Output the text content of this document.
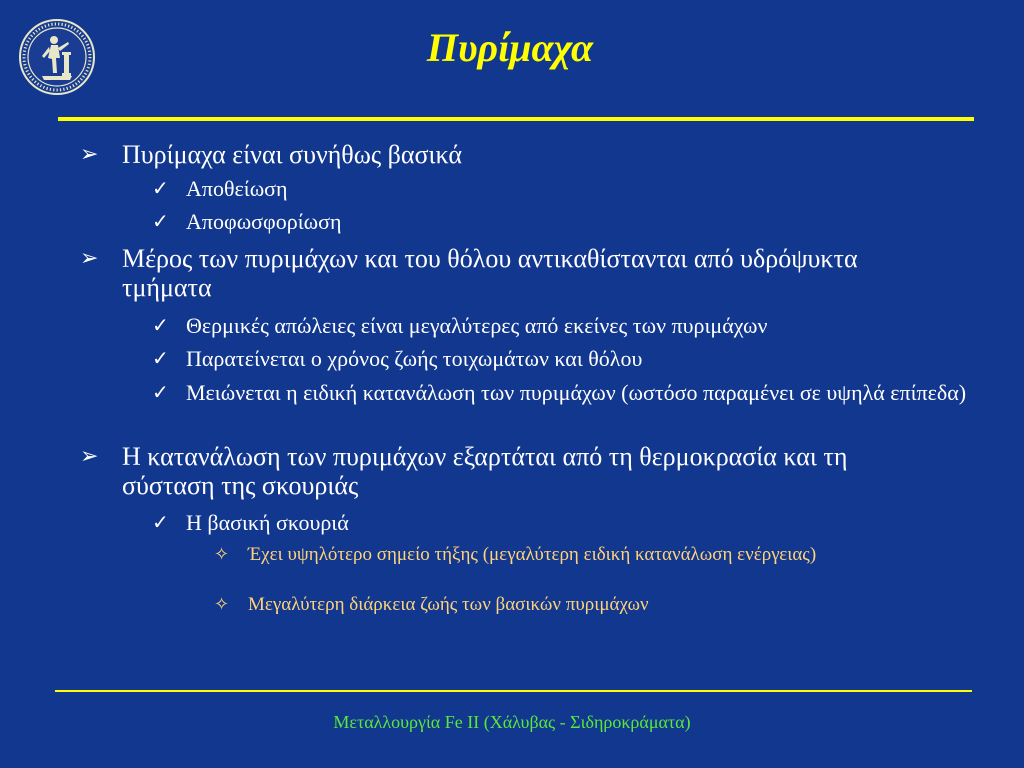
Πυρίμαχα
➢ Πυρίμαχα είναι συνήθως βασικά
✓ Αποθείωση
✓ Αποφωσφορίωση
➢ Μέρος των πυριμάχων και του θόλου αντικαθίστανται από υδρόψυκτα τμήματα
✓ Θερμικές απώλειες είναι μεγαλύτερες από εκείνες των πυριμάχων
✓ Παρατείνεται ο χρόνος ζωής τοιχωμάτων και θόλου
✓ Μειώνεται η ειδική κατανάλωση των πυριμάχων (ωστόσο παραμένει σε υψηλά επίπεδα)
➢ Η κατανάλωση των πυριμάχων εξαρτάται από τη θερμοκρασία και τη σύσταση της σκουριάς
✓ Η βασική σκουριά
✧ Έχει υψηλότερο σημείο τήξης (μεγαλύτερη ειδική κατανάλωση ενέργειας)
✧ Μεγαλύτερη διάρκεια ζωής των βασικών πυριμάχων
Μεταλλουργία Fe II (Χάλυβας - Σιδηροκράματα)
